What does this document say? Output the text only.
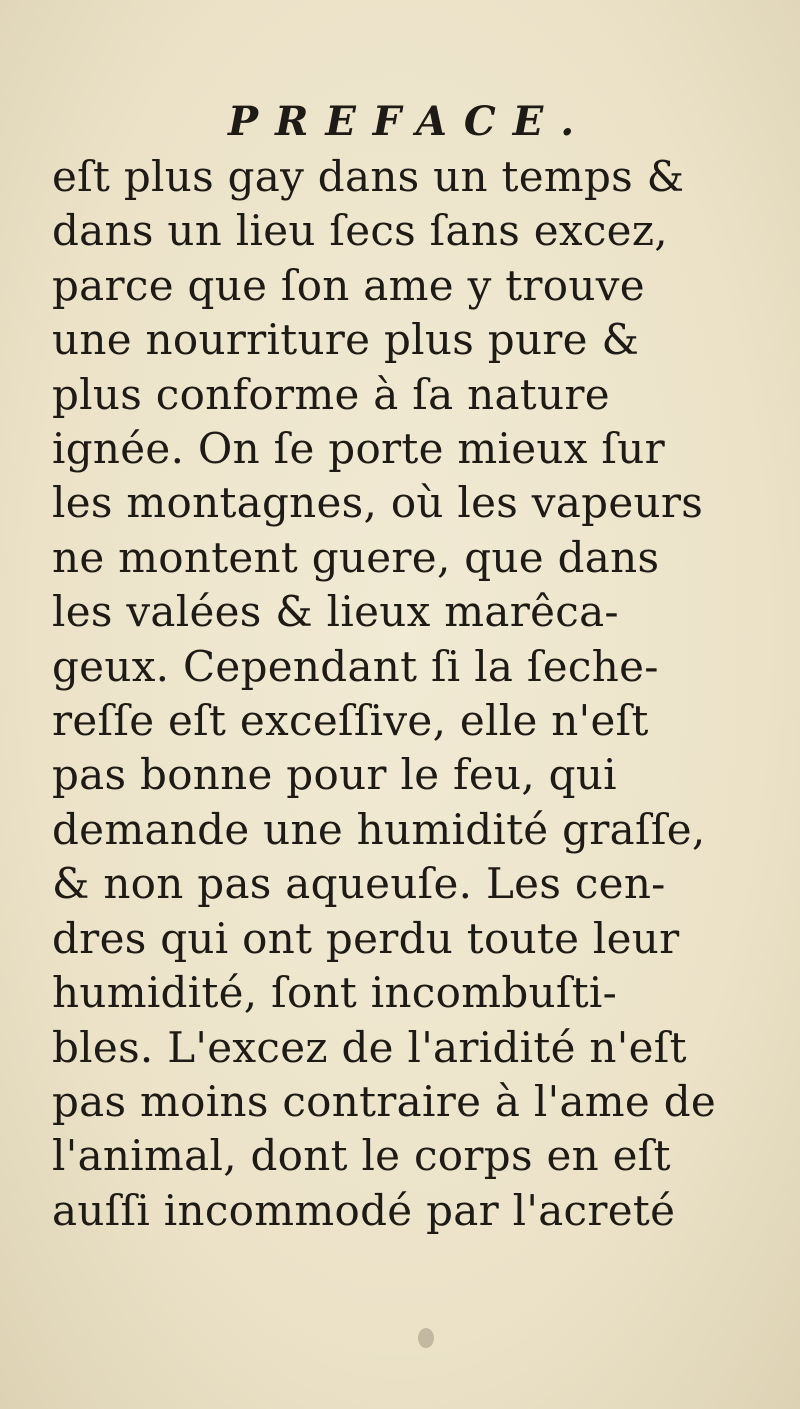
PREFACE.
eſt plus gay dans un temps &
dans un lieu ſecs ſans excez,
parce que ſon ame y trouve
une nourriture plus pure &
plus conforme à ſa nature
ignée. On ſe porte mieux ſur
les montagnes, où les vapeurs
ne montent guere, que dans
les valées & lieux marêca-
geux. Cependant ſi la ſeche-
reſſe eſt exceſſive, elle n'eſt
pas bonne pour le feu, qui
demande une humidité graſſe,
& non pas aqueuſe. Les cen-
dres qui ont perdu toute leur
humidité, ſont incombuſti-
bles. L'excez de l'aridité n'eſt
pas moins contraire à l'ame de
l'animal, dont le corps en eſt
auſſi incommodé par l'acreté
